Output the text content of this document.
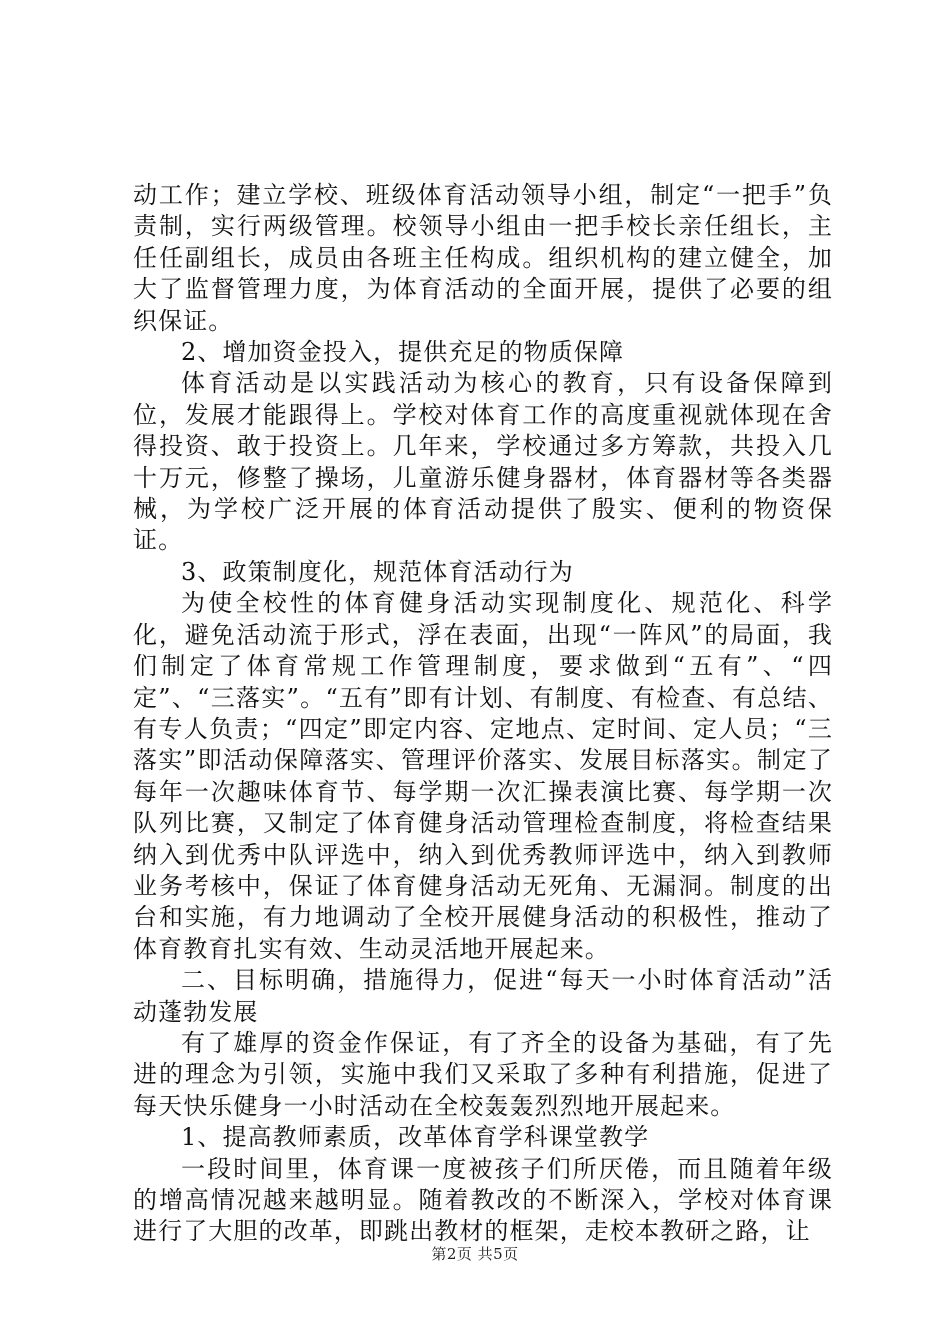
动工作；建立学校、班级体育活动领导小组，制定“一把手”负责制，实行两级管理。校领导小组由一把手校长亲任组长，主任任副组长，成员由各班主任构成。组织机构的建立健全，加大了监督管理力度，为体育活动的全面开展，提供了必要的组织保证。

2、增加资金投入，提供充足的物质保障

体育活动是以实践活动为核心的教育，只有设备保障到位，发展才能跟得上。学校对体育工作的高度重视就体现在舍得投资、敢于投资上。几年来，学校通过多方筹款，共投入几十万元，修整了操场，儿童游乐健身器材，体育器材等各类器械，为学校广泛开展的体育活动提供了殷实、便利的物资保证。

3、政策制度化，规范体育活动行为

为使全校性的体育健身活动实现制度化、规范化、科学化，避免活动流于形式，浮在表面，出现“一阵风”的局面，我们制定了体育常规工作管理制度，要求做到“五有”、“四定”、“三落实”。“五有”即有计划、有制度、有检查、有总结、有专人负责；“四定”即定内容、定地点、定时间、定人员；“三落实”即活动保障落实、管理评价落实、发展目标落实。制定了每年一次趣味体育节、每学期一次汇操表演比赛、每学期一次队列比赛，又制定了体育健身活动管理检查制度，将检查结果纳入到优秀中队评选中，纳入到优秀教师评选中，纳入到教师业务考核中，保证了体育健身活动无死角、无漏洞。制度的出台和实施，有力地调动了全校开展健身活动的积极性，推动了体育教育扎实有效、生动灵活地开展起来。

二、目标明确，措施得力，促进“每天一小时体育活动”活动蓬勃发展

有了雄厚的资金作保证，有了齐全的设备为基础，有了先进的理念为引领，实施中我们又采取了多种有利措施，促进了每天快乐健身一小时活动在全校轰轰烈烈地开展起来。

1、提高教师素质，改革体育学科课堂教学

一段时间里，体育课一度被孩子们所厌倦，而且随着年级的增高情况越来越明显。随着教改的不断深入，学校对体育课进行了大胆的改革，即跳出教材的框架，走校本教研之路，让

第2页 共5页
